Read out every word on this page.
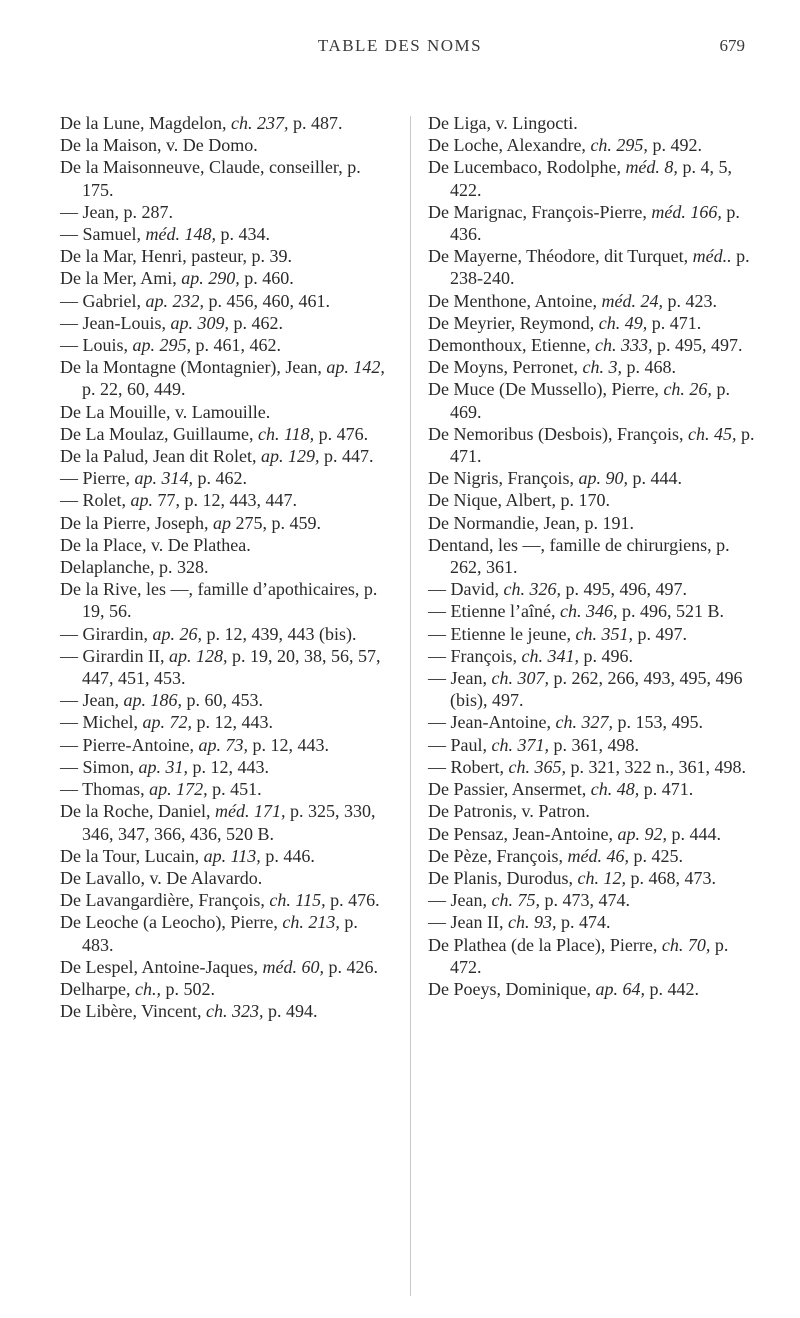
TABLE DES NOMS	679
De la Lune, Magdelon, ch. 237, p. 487.
De la Maison, v. De Domo.
De la Maisonneuve, Claude, conseiller, p. 175.
— Jean, p. 287.
— Samuel, méd. 148, p. 434.
De la Mar, Henri, pasteur, p. 39.
De la Mer, Ami, ap. 290, p. 460.
— Gabriel, ap. 232, p. 456, 460, 461.
— Jean-Louis, ap. 309, p. 462.
— Louis, ap. 295, p. 461, 462.
De la Montagne (Montagnier), Jean, ap. 142, p. 22, 60, 449.
De La Mouille, v. Lamouille.
De La Moulaz, Guillaume, ch. 118, p. 476.
De la Palud, Jean dit Rolet, ap. 129, p. 447.
— Pierre, ap. 314, p. 462.
— Rolet, ap. 77, p. 12, 443, 447.
De la Pierre, Joseph, ap 275, p. 459.
De la Place, v. De Plathea.
Delaplanche, p. 328.
De la Rive, les —, famille d’apothicaires, p. 19, 56.
— Girardin, ap. 26, p. 12, 439, 443 (bis).
— Girardin II, ap. 128, p. 19, 20, 38, 56, 57, 447, 451, 453.
— Jean, ap. 186, p. 60, 453.
— Michel, ap. 72, p. 12, 443.
— Pierre-Antoine, ap. 73, p. 12, 443.
— Simon, ap. 31, p. 12, 443.
— Thomas, ap. 172, p. 451.
De la Roche, Daniel, méd. 171, p. 325, 330, 346, 347, 366, 436, 520 B.
De la Tour, Lucain, ap. 113, p. 446.
De Lavallo, v. De Alavardo.
De Lavangardière, François, ch. 115, p. 476.
De Leoche (a Leocho), Pierre, ch. 213, p. 483.
De Lespel, Antoine-Jaques, méd. 60, p. 426.
Delharpe, ch., p. 502.
De Libère, Vincent, ch. 323, p. 494.
De Liga, v. Lingocti.
De Loche, Alexandre, ch. 295, p. 492.
De Lucembaco, Rodolphe, méd. 8, p. 4, 5, 422.
De Marignac, François-Pierre, méd. 166, p. 436.
De Mayerne, Théodore, dit Turquet, méd.. p. 238-240.
De Menthone, Antoine, méd. 24, p. 423.
De Meyrier, Reymond, ch. 49, p. 471.
Demonthoux, Etienne, ch. 333, p. 495, 497.
De Moyns, Perronet, ch. 3, p. 468.
De Muce (De Mussello), Pierre, ch. 26, p. 469.
De Nemoribus (Desbois), François, ch. 45, p. 471.
De Nigris, François, ap. 90, p. 444.
De Nique, Albert, p. 170.
De Normandie, Jean, p. 191.
Dentand, les —, famille de chirurgiens, p. 262, 361.
— David, ch. 326, p. 495, 496, 497.
— Etienne l’aîné, ch. 346, p. 496, 521 B.
— Etienne le jeune, ch. 351, p. 497.
— François, ch. 341, p. 496.
— Jean, ch. 307, p. 262, 266, 493, 495, 496 (bis), 497.
— Jean-Antoine, ch. 327, p. 153, 495.
— Paul, ch. 371, p. 361, 498.
— Robert, ch. 365, p. 321, 322 n., 361, 498.
De Passier, Ansermet, ch. 48, p. 471.
De Patronis, v. Patron.
De Pensaz, Jean-Antoine, ap. 92, p. 444.
De Pèze, François, méd. 46, p. 425.
De Planis, Durodus, ch. 12, p. 468, 473.
— Jean, ch. 75, p. 473, 474.
— Jean II, ch. 93, p. 474.
De Plathea (de la Place), Pierre, ch. 70, p. 472.
De Poeys, Dominique, ap. 64, p. 442.
